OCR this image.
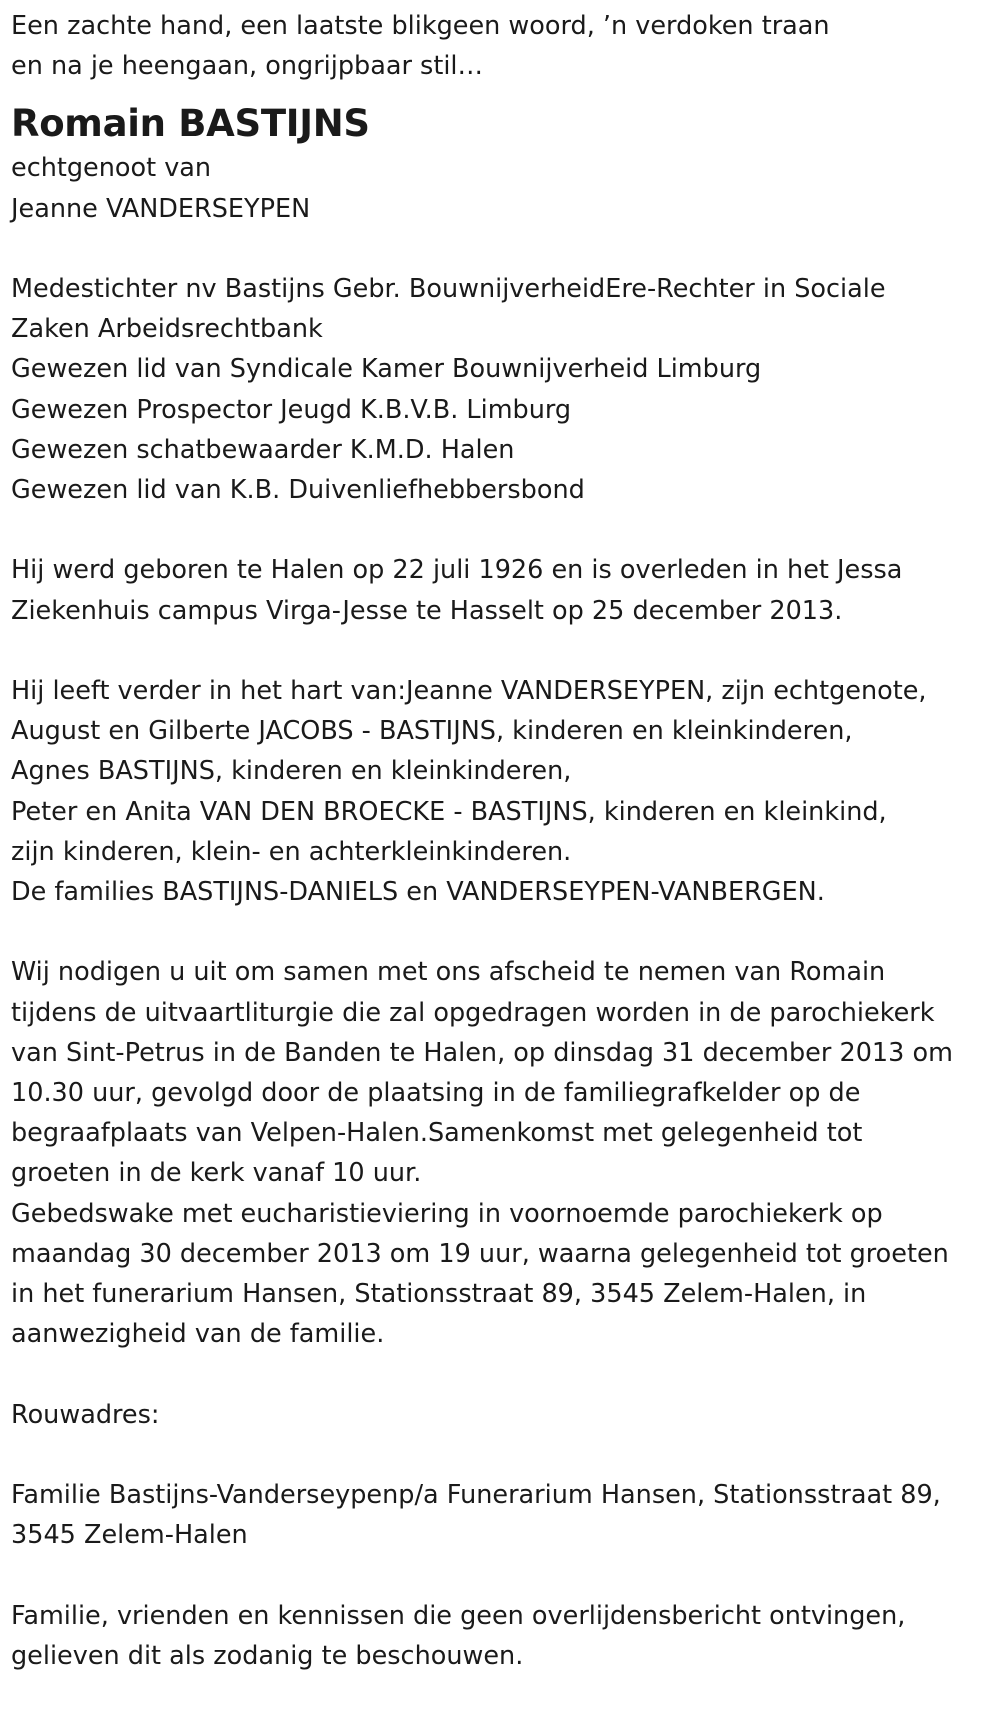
Een zachte hand, een laatste blikgeen woord, ’n verdoken traan

en na je heengaan, ongrijpbaar stil…

Romain BASTIJNS

echtgenoot van

Jeanne VANDERSEYPEN

Medestichter nv Bastijns Gebr. BouwnijverheidEre-Rechter in Sociale

Zaken Arbeidsrechtbank

Gewezen lid van Syndicale Kamer Bouwnijverheid Limburg

Gewezen Prospector Jeugd K.B.V.B. Limburg

Gewezen schatbewaarder K.M.D. Halen

Gewezen lid van K.B. Duivenliefhebbersbond

Hij werd geboren te Halen op 22 juli 1926 en is overleden in het Jessa

Ziekenhuis campus Virga-Jesse te Hasselt op 25 december 2013.

Hij leeft verder in het hart van:Jeanne VANDERSEYPEN, zijn echtgenote,

August en Gilberte JACOBS - BASTIJNS, kinderen en kleinkinderen,

Agnes BASTIJNS, kinderen en kleinkinderen,

Peter en Anita VAN DEN BROECKE - BASTIJNS, kinderen en kleinkind,

zijn kinderen, klein- en achterkleinkinderen.

De families BASTIJNS-DANIELS en VANDERSEYPEN-VANBERGEN.

Wij nodigen u uit om samen met ons afscheid te nemen van Romain

tijdens de uitvaartliturgie die zal opgedragen worden in de parochiekerk

van Sint-Petrus in de Banden te Halen, op dinsdag 31 december 2013 om

10.30 uur, gevolgd door de plaatsing in de familiegrafkelder op de

begraafplaats van Velpen-Halen.Samenkomst met gelegenheid tot

groeten in de kerk vanaf 10 uur.

Gebedswake met eucharistieviering in voornoemde parochiekerk op

maandag 30 december 2013 om 19 uur, waarna gelegenheid tot groeten

in het funerarium Hansen, Stationsstraat 89, 3545 Zelem-Halen, in

aanwezigheid van de familie.

Rouwadres:

Familie Bastijns-Vanderseypenp/a Funerarium Hansen, Stationsstraat 89,

3545 Zelem-Halen

Familie, vrienden en kennissen die geen overlijdensbericht ontvingen,

gelieven dit als zodanig te beschouwen.
